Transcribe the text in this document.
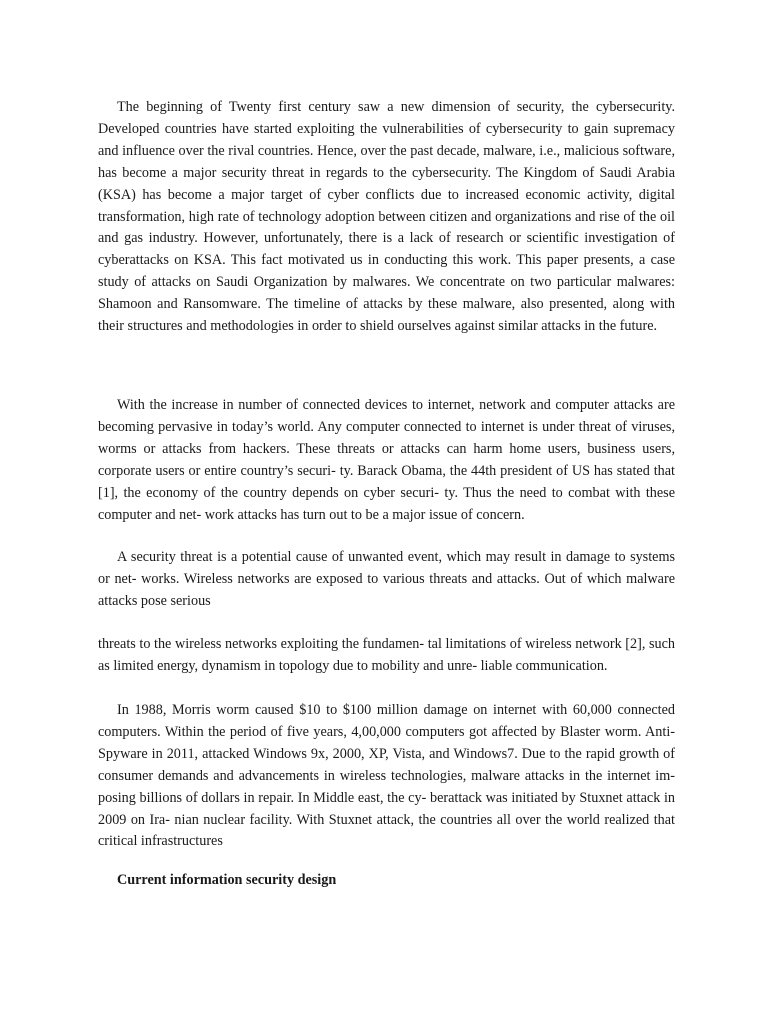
The beginning of Twenty first century saw a new dimension of security, the cybersecurity. Developed countries have started exploiting the vulnerabilities of cybersecurity to gain supremacy and influence over the rival countries. Hence, over the past decade, malware, i.e., malicious software, has become a major security threat in regards to the cybersecurity. The Kingdom of Saudi Arabia (KSA) has become a major target of cyber conflicts due to increased economic activity, digital transformation, high rate of technology adoption between citizen and organizations and rise of the oil and gas industry. However, unfortunately, there is a lack of research or scientific investigation of cyberattacks on KSA. This fact motivated us in conducting this work. This paper presents, a case study of attacks on Saudi Organization by malwares. We concentrate on two particular malwares: Shamoon and Ransomware. The timeline of attacks by these malware, also presented, along with their structures and methodologies in order to shield ourselves against similar attacks in the future.

With the increase in number of connected devices to internet, network and computer attacks are becoming pervasive in today’s world. Any computer connected to internet is under threat of viruses, worms or attacks from hackers. These threats or attacks can harm home users, business users, corporate users or entire country’s securi- ty. Barack Obama, the 44th president of US has stated that [1], the economy of the country depends on cyber securi- ty. Thus the need to combat with these computer and net- work attacks has turn out to be a major issue of concern.

A security threat is a potential cause of unwanted event, which may result in damage to systems or net- works. Wireless networks are exposed to various threats and attacks. Out of which malware attacks pose serious

threats to the wireless networks exploiting the fundamen- tal limitations of wireless network [2], such as limited energy, dynamism in topology due to mobility and unre- liable communication.

In 1988, Morris worm caused $10 to $100 million damage on internet with 60,000 connected computers. Within the period of five years, 4,00,000 computers got affected by Blaster worm. Anti-Spyware in 2011, attacked Windows 9x, 2000, XP, Vista, and Windows7. Due to the rapid growth of consumer demands and advancements in wireless technologies, malware attacks in the internet im- posing billions of dollars in repair. In Middle east, the cy- berattack was initiated by Stuxnet attack in 2009 on Ira- nian nuclear facility. With Stuxnet attack, the countries all over the world realized that critical infrastructures

Current information security design
